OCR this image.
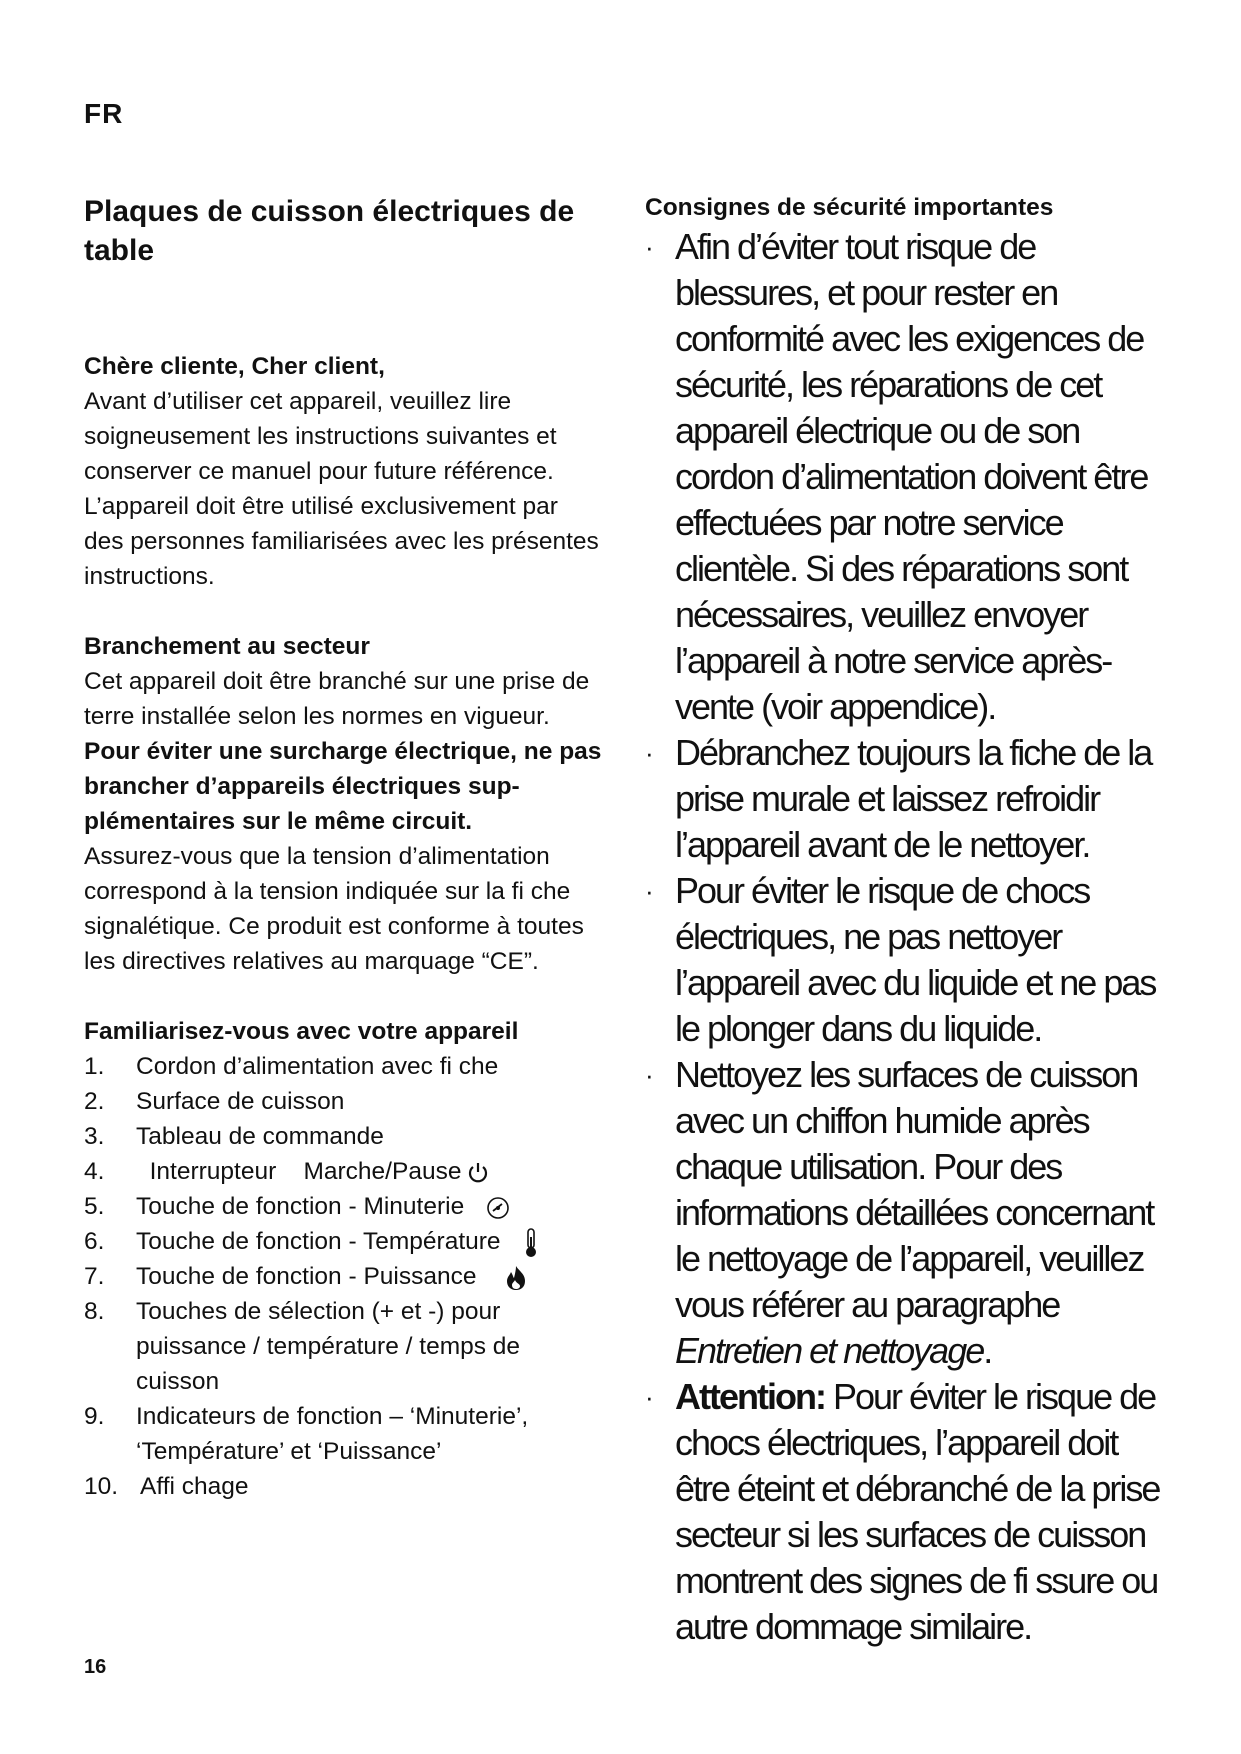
FR
Plaques de cuisson électriques de table
Chère cliente, Cher client,

Avant d’utiliser cet appareil, veuillez lire soigneusement les instructions suivantes et conserver ce manuel pour future référence. L’appareil doit être utilisé exclusivement par des personnes familiarisées avec les présentes instructions.

Branchement au secteur

Cet appareil doit être branché sur une prise de terre installée selon les normes en vigueur.

Pour éviter une surcharge électrique, ne pas brancher d’appareils électriques sup-plémentaires sur le même circuit.

Assurez-vous que la tension d’alimentation correspond à la tension indiquée sur la fi che signalétique. Ce produit est conforme à toutes les directives relatives au marquage “CE”.

Familiarisez-vous avec votre appareil
1. Cordon d’alimentation avec fi che
2. Surface de cuisson
3. Tableau de commande
4. Interrupteur    Marche/Pause
5. Touche de fonction - Minuterie
6. Touche de fonction - Température
7. Touche de fonction - Puissance
8. Touches de sélection (+ et -) pour puissance / température / temps de cuisson
9. Indicateurs de fonction – ‘Minuterie’, ‘Température’ et ‘Puissance’
10. Affi chage
16
Consignes de sécurité importantes
· Afin d’éviter tout risque de blessures, et pour rester en conformité avec les exigences de sécurité, les réparations de cet appareil électrique ou de son cordon d’alimentation doivent être effectuées par notre service clientèle. Si des réparations sont nécessaires, veuillez envoyer l’appareil à notre service après-vente (voir appendice).
· Débranchez toujours la fiche de la prise murale et laissez refroidir l’appareil avant de le nettoyer.
· Pour éviter le risque de chocs électriques, ne pas nettoyer l’appareil avec du liquide et ne pas le plonger dans du liquide.
· Nettoyez les surfaces de cuisson avec un chiffon humide après chaque utilisation. Pour des informations détaillées concernant le nettoyage de l’appareil, veuillez vous référer au paragraphe Entretien et nettoyage.
· Attention: Pour éviter le risque de chocs électriques, l’appareil doit être éteint et débranché de la prise secteur si les surfaces de cuisson montrent des signes de fi ssure ou autre dommage similaire.
